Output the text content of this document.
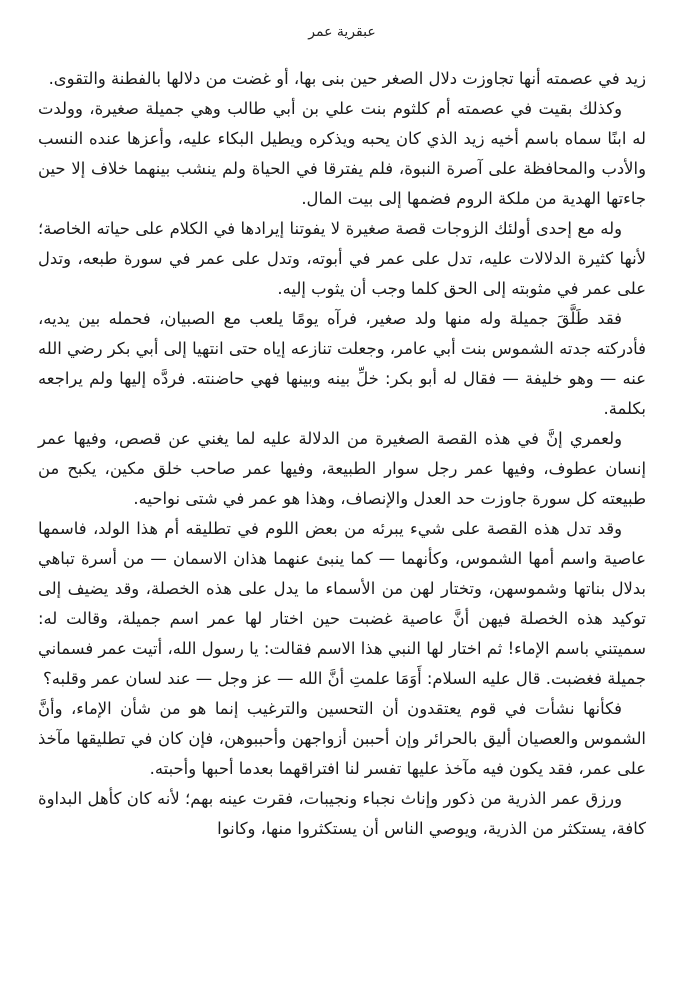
عبقرية عمر

زيد في عصمته أنها تجاوزت دلال الصغر حين بنى بها، أو غضت من دلالها بالفطنة والتقوى.

وكذلك بقيت في عصمته أم كلثوم بنت علي بن أبي طالب وهي جميلة صغيرة، وولدت له ابنًا سماه باسم أخيه زيد الذي كان يحبه ويذكره ويطيل البكاء عليه، وأعزها عنده النسب والأدب والمحافظة على آصرة النبوة، فلم يفترقا في الحياة ولم ينشب بينهما خلاف إلا حين جاءتها الهدية من ملكة الروم فضمها إلى بيت المال.

وله مع إحدى أولئك الزوجات قصة صغيرة لا يفوتنا إيرادها في الكلام على حياته الخاصة؛ لأنها كثيرة الدلالات عليه، تدل على عمر في أبوته، وتدل على عمر في سورة طبعه، وتدل على عمر في مثوبته إلى الحق كلما وجب أن يثوب إليه.

فقد طَلَّقَ جميلة وله منها ولد صغير، فرآه يومًا يلعب مع الصبيان، فحمله بين يديه، فأدركته جدته الشموس بنت أبي عامر، وجعلت تنازعه إياه حتى انتهيا إلى أبي بكر رضي الله عنه — وهو خليفة — فقال له أبو بكر: خلِّ بينه وبينها فهي حاضنته. فردَّه إليها ولم يراجعه بكلمة.

ولعمري إنَّ في هذه القصة الصغيرة من الدلالة عليه لما يغني عن قصص، وفيها عمر إنسان عطوف، وفيها عمر رجل سوار الطبيعة، وفيها عمر صاحب خلق مكين، يكبح من طبيعته كل سورة جاوزت حد العدل والإنصاف، وهذا هو عمر في شتى نواحيه.

وقد تدل هذه القصة على شيء يبرئه من بعض اللوم في تطليقه أم هذا الولد، فاسمها عاصية واسم أمها الشموس، وكأنهما — كما ينبئ عنهما هذان الاسمان — من أسرة تباهي بدلال بناتها وشموسهن، وتختار لهن من الأسماء ما يدل على هذه الخصلة، وقد يضيف إلى توكيد هذه الخصلة فيهن أنَّ عاصية غضبت حين اختار لها عمر اسم جميلة، وقالت له: سميتني باسم الإماء! ثم اختار لها النبي هذا الاسم فقالت: يا رسول الله، أتيت عمر فسماني جميلة فغضبت. قال عليه السلام: أَوَمَا علمتِ أنَّ الله — عز وجل — عند لسان عمر وقلبه؟

فكأنها نشأت في قوم يعتقدون أن التحسين والترغيب إنما هو من شأن الإماء، وأنَّ الشموس والعصيان أليق بالحرائر وإن أحببن أزواجهن وأحببوهن، فإن كان في تطليقها مآخذ على عمر، فقد يكون فيه مآخذ عليها تفسر لنا افتراقهما بعدما أحبها وأحبته.

ورزق عمر الذرية من ذكور وإناث نجباء ونجيبات، فقرت عينه بهم؛ لأنه كان كأهل البداوة كافة، يستكثر من الذرية، ويوصي الناس أن يستكثروا منها، وكانوا
